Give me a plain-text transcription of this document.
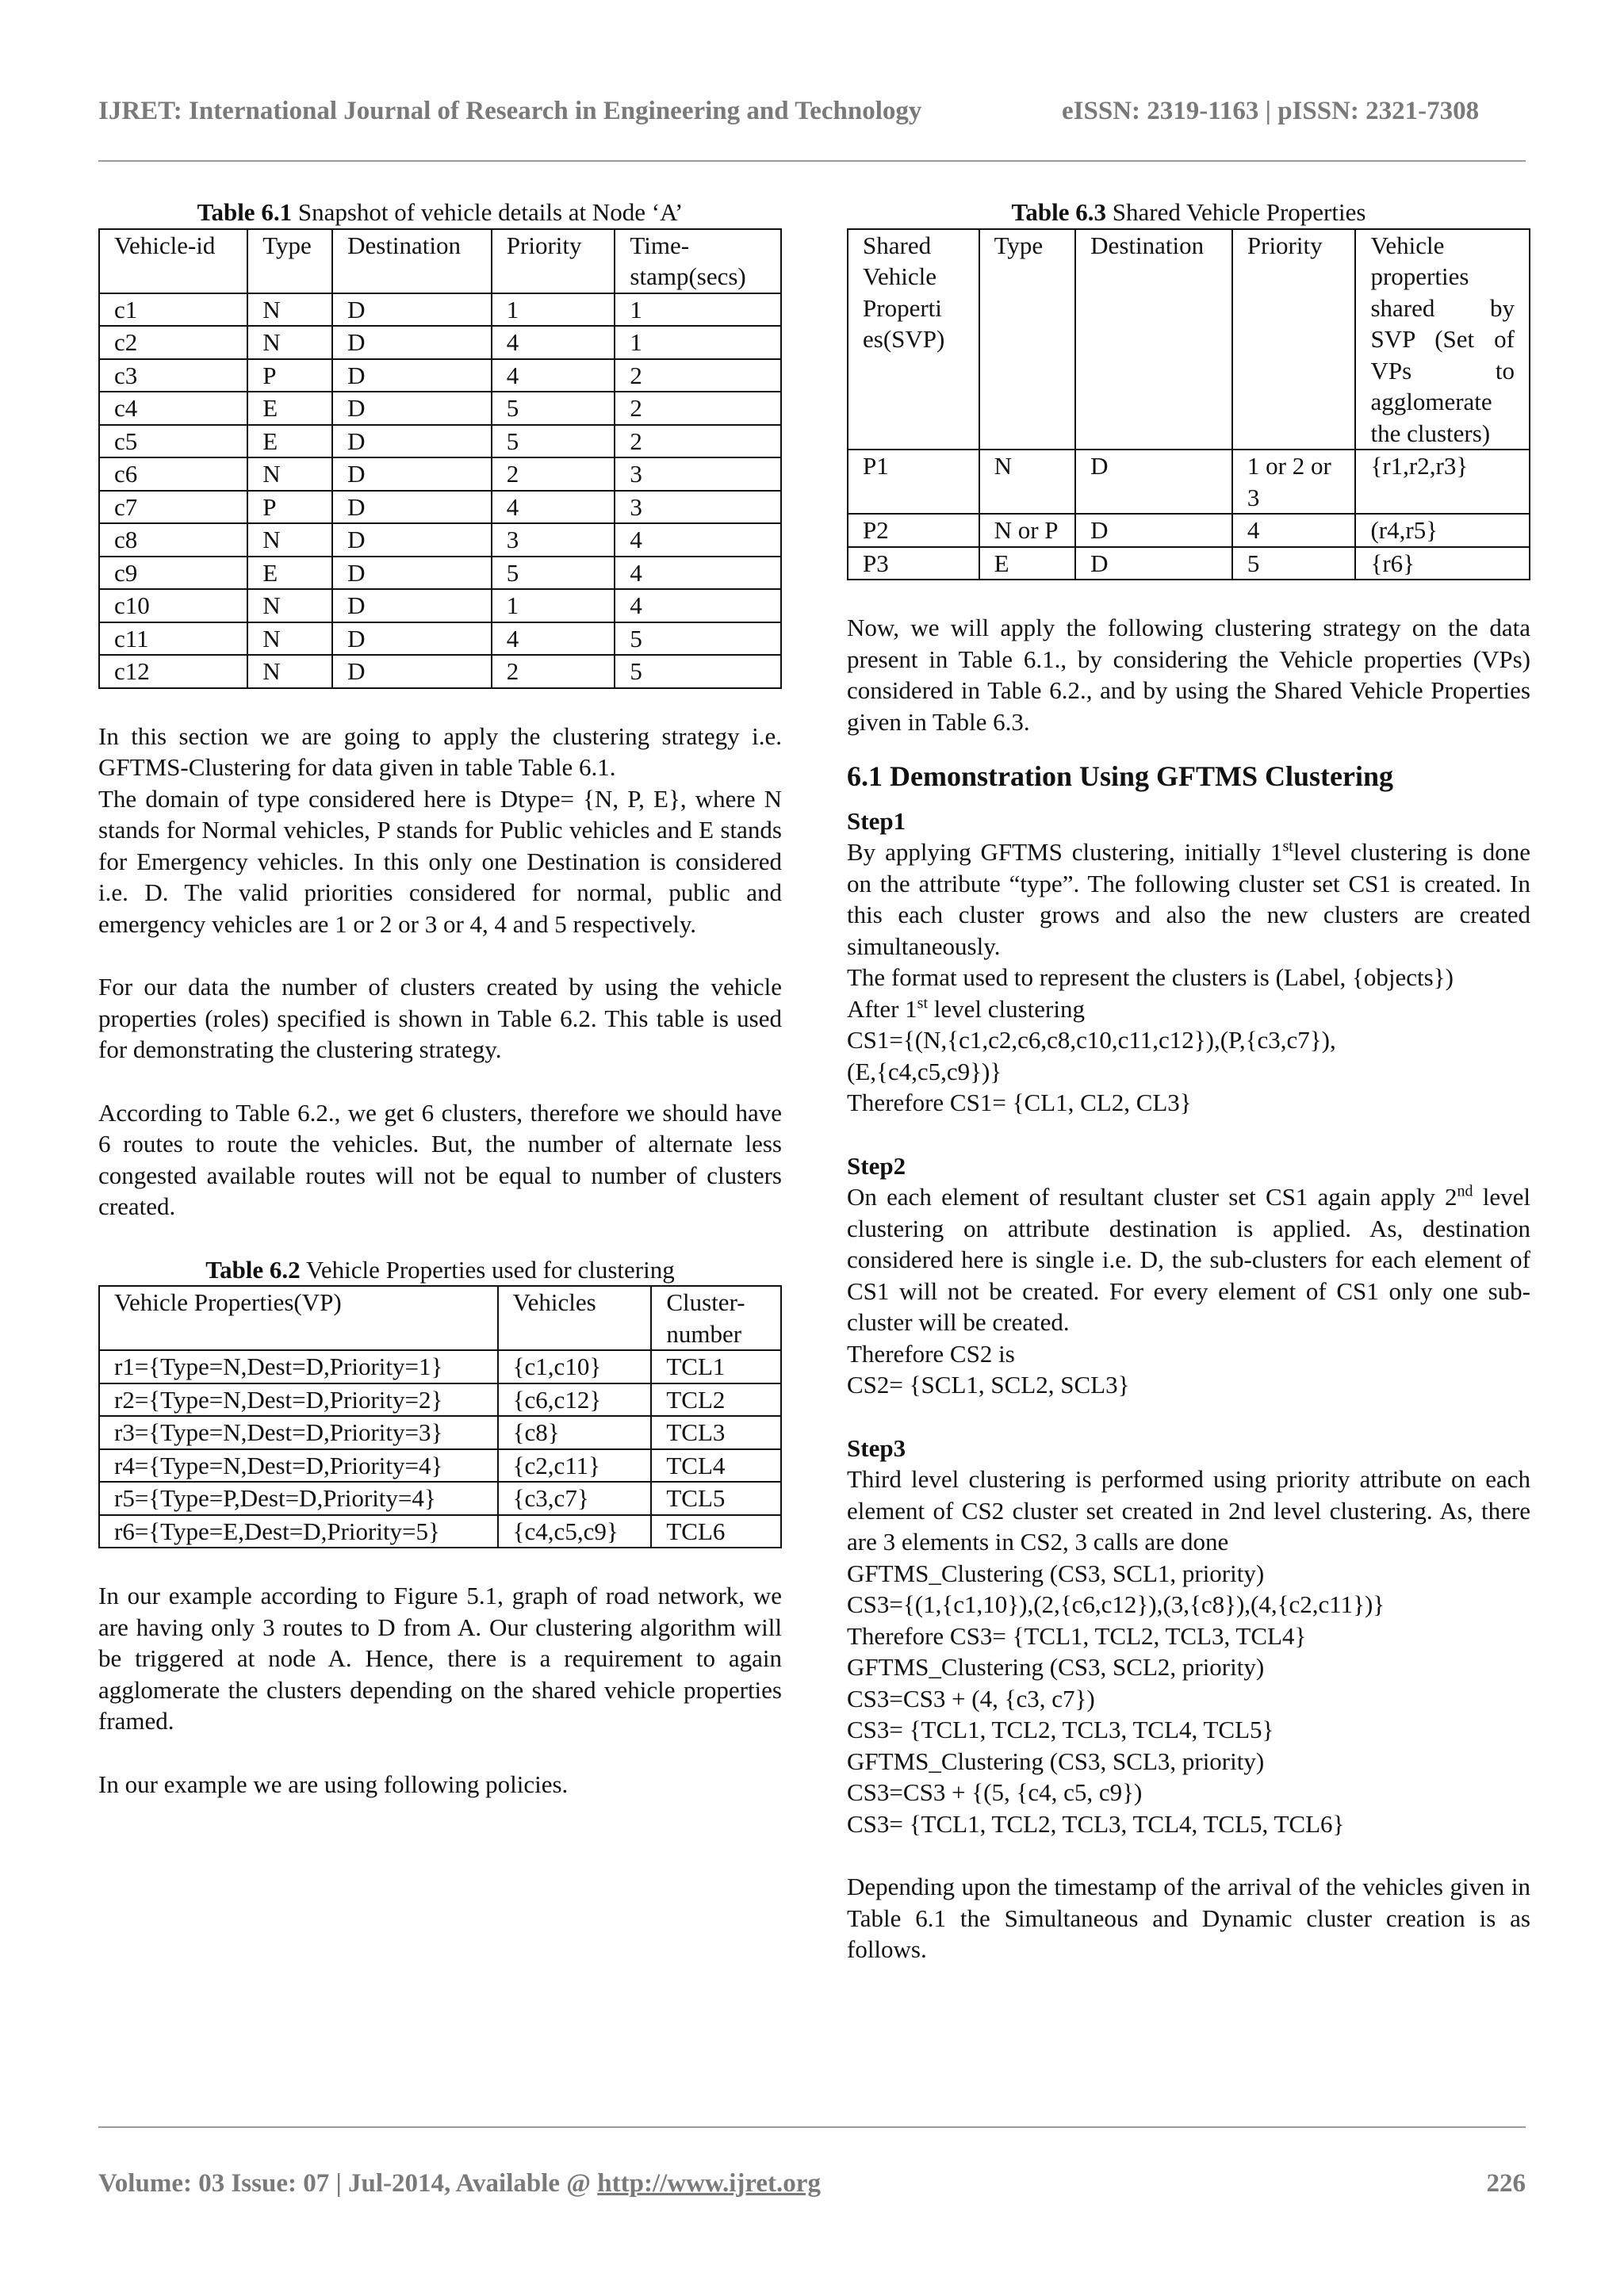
IJRET: International Journal of Research in Engineering and Technology	eISSN: 2319-1163 | pISSN: 2321-7308

Table 6.1 Snapshot of vehicle details at Node ‘A’

Vehicle-id	Type	Destination	Priority	Time-stamp(secs)
c1	N	D	1	1
c2	N	D	4	1
c3	P	D	4	2
c4	E	D	5	2
c5	E	D	5	2
c6	N	D	2	3
c7	P	D	4	3
c8	N	D	3	4
c9	E	D	5	4
c10	N	D	1	4
c11	N	D	4	5
c12	N	D	2	5

In this section we are going to apply the clustering strategy i.e. GFTMS-Clustering for data given in table Table 6.1.

The domain of type considered here is Dtype= {N, P, E}, where N stands for Normal vehicles, P stands for Public vehicles and E stands for Emergency vehicles. In this only one Destination is considered i.e. D. The valid priorities considered for normal, public and emergency vehicles are 1 or 2 or 3 or 4, 4 and 5 respectively.

For our data the number of clusters created by using the vehicle properties (roles) specified is shown in Table 6.2. This table is used for demonstrating the clustering strategy.

According to Table 6.2., we get 6 clusters, therefore we should have 6 routes to route the vehicles. But, the number of alternate less congested available routes will not be equal to number of clusters created.

Table 6.2 Vehicle Properties used for clustering

Vehicle Properties(VP)	Vehicles	Cluster-number
r1={Type=N,Dest=D,Priority=1}	{c1,c10}	TCL1
r2={Type=N,Dest=D,Priority=2}	{c6,c12}	TCL2
r3={Type=N,Dest=D,Priority=3}	{c8}	TCL3
r4={Type=N,Dest=D,Priority=4}	{c2,c11}	TCL4
r5={Type=P,Dest=D,Priority=4}	{c3,c7}	TCL5
r6={Type=E,Dest=D,Priority=5}	{c4,c5,c9}	TCL6

In our example according to Figure 5.1, graph of road network, we are having only 3 routes to D from A. Our clustering algorithm will be triggered at node A. Hence, there is a requirement to again agglomerate the clusters depending on the shared vehicle properties framed.

In our example we are using following policies.

Table 6.3 Shared Vehicle Properties

Shared Vehicle Properti es(SVP)	Type	Destination	Priority	Vehicle properties shared by SVP (Set of VPs to agglomerate the clusters)
P1	N	D	1 or 2 or 3	{r1,r2,r3}
P2	N or P	D	4	(r4,r5}
P3	E	D	5	{r6}

Now, we will apply the following clustering strategy on the data present in Table 6.1., by considering the Vehicle properties (VPs) considered in Table 6.2., and by using the Shared Vehicle Properties given in Table 6.3.

6.1 Demonstration Using GFTMS Clustering

Step1

By applying GFTMS clustering, initially 1stlevel clustering is done on the attribute “type”. The following cluster set CS1 is created. In this each cluster grows and also the new clusters are created simultaneously.

The format used to represent the clusters is (Label, {objects})

After 1st level clustering

CS1={(N,{c1,c2,c6,c8,c10,c11,c12}),(P,{c3,c7}),

(E,{c4,c5,c9})}

Therefore CS1= {CL1, CL2, CL3}

Step2

On each element of resultant cluster set CS1 again apply 2nd level clustering on attribute destination is applied. As, destination considered here is single i.e. D, the sub-clusters for each element of CS1 will not be created. For every element of CS1 only one sub-cluster will be created.

Therefore CS2 is

CS2= {SCL1, SCL2, SCL3}

Step3

Third level clustering is performed using priority attribute on each element of CS2 cluster set created in 2nd level clustering. As, there are 3 elements in CS2, 3 calls are done

GFTMS_Clustering (CS3, SCL1, priority)

CS3={(1,{c1,10}),(2,{c6,c12}),(3,{c8}),(4,{c2,c11})}

Therefore CS3= {TCL1, TCL2, TCL3, TCL4}

GFTMS_Clustering (CS3, SCL2, priority)

CS3=CS3 + (4, {c3, c7})

CS3= {TCL1, TCL2, TCL3, TCL4, TCL5}

GFTMS_Clustering (CS3, SCL3, priority)

CS3=CS3 + {(5, {c4, c5, c9})

CS3= {TCL1, TCL2, TCL3, TCL4, TCL5, TCL6}

Depending upon the timestamp of the arrival of the vehicles given in Table 6.1 the Simultaneous and Dynamic cluster creation is as follows.

Volume: 03 Issue: 07 | Jul-2014, Available @ http://www.ijret.org	226
